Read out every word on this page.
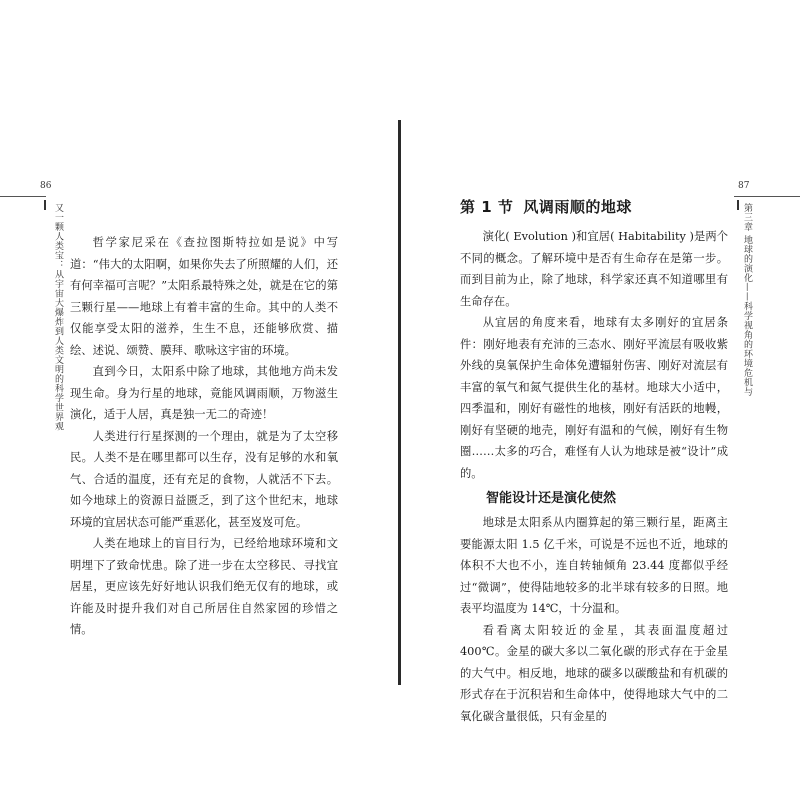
86
又一颗人类宝：从宇宙大爆炸到人类文明的科学世界观	哲学家尼采在《查拉图斯特拉如是说》中写道：“伟大的太阳啊，如果你失去了所照耀的人们，还有何幸福可言呢？”太阳系最特殊之处，就是在它的第三颗行星——地球上有着丰富的生命。其中的人类不仅能享受太阳的滋养，生生不息，还能够欣赏、描绘、述说、颂赞、膜拜、歌咏这宇宙的环境。

直到今日，太阳系中除了地球，其他地方尚未发现生命。身为行星的地球，竟能风调雨顺，万物滋生演化，适于人居，真是独一无二的奇迹！

人类进行行星探测的一个理由，就是为了太空移民。人类不是在哪里都可以生存，没有足够的水和氧气、合适的温度，还有充足的食物，人就活不下去。如今地球上的资源日益匮乏，到了这个世纪末，地球环境的宜居状态可能严重恶化，甚至岌岌可危。

人类在地球上的盲目行为，已经给地球环境和文明埋下了致命忧患。除了进一步在太空移民、寻找宜居星，更应该先好好地认识我们绝无仅有的地球，或许能及时提升我们对自己所居住自然家园的珍惜之情。

87
第三章 地球的演化——科学视角的环境危机与
第 1 节 风调雨顺的地球

演化( Evolution )和宜居( Habitability )是两个不同的概念。了解环境中是否有生命存在是第一步。而到目前为止，除了地球，科学家还真不知道哪里有生命存在。

从宜居的角度来看，地球有太多刚好的宜居条件：刚好地表有充沛的三态水、刚好平流层有吸收紫外线的臭氧保护生命体免遭辐射伤害、刚好对流层有丰富的氧气和氮气提供生化的基材。地球大小适中，四季温和，刚好有磁性的地核，刚好有活跃的地幔，刚好有坚硬的地壳，刚好有温和的气候，刚好有生物圈……太多的巧合，难怪有人认为地球是被“设计”成的。

智能设计还是演化使然

地球是太阳系从内圈算起的第三颗行星，距离主要能源太阳 1.5 亿千米，可说是不远也不近，地球的体积不大也不小，连自转轴倾角 23.44 度都似乎经过“微调”，使得陆地较多的北半球有较多的日照。地表平均温度为 14℃，十分温和。

看看离太阳较近的金星，其表面温度超过 400℃。金星的碳大多以二氧化碳的形式存在于金星的大气中。相反地，地球的碳多以碳酸盐和有机碳的形式存在于沉积岩和生命体中，使得地球大气中的二氧化碳含量很低，只有金星的
